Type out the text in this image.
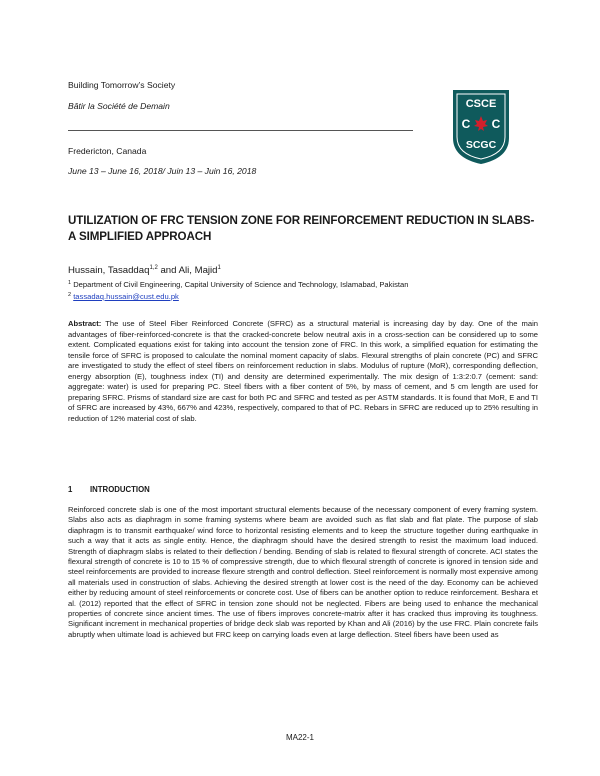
Building Tomorrow’s Society
Bâtir la Société de Demain
Fredericton, Canada
June 13 – June 16, 2018/ Juin 13 – Juin 16, 2018
CSCE
C C
SCGC
UTILIZATION OF FRC TENSION ZONE FOR REINFORCEMENT REDUCTION IN SLABS- A SIMPLIFIED APPROACH
Hussain, Tasaddaq$^{1,2}$ and Ali, Majid$^1$
$^1$ Department of Civil Engineering, Capital University of Science and Technology, Islamabad, Pakistan
$^2$ tassadaq.hussain@cust.edu.pk
Abstract: The use of Steel Fiber Reinforced Concrete (SFRC) as a structural material is increasing day by day. One of the main advantages of fiber-reinforced-concrete is that the cracked-concrete below neutral axis in a cross-section can be considered up to some extent. Complicated equations exist for taking into account the tension zone of FRC. In this work, a simplified equation for estimating the tensile force of SFRC is proposed to calculate the nominal moment capacity of slabs. Flexural strengths of plain concrete (PC) and SFRC are investigated to study the effect of steel fibers on reinforcement reduction in slabs. Modulus of rupture (MoR), corresponding deflection, energy absorption (E), toughness index (TI) and density are determined experimentally. The mix design of 1:3:2:0.7 (cement: sand: aggregate: water) is used for preparing PC. Steel fibers with a fiber content of 5%, by mass of cement, and 5 cm length are used for preparing SFRC. Prisms of standard size are cast for both PC and SFRC and tested as per ASTM standards. It is found that MoR, E and TI of SFRC are increased by 43%, 667% and 423%, respectively, compared to that of PC. Rebars in SFRC are reduced up to 25% resulting in reduction of 12% material cost of slab.
1 INTRODUCTION
Reinforced concrete slab is one of the most important structural elements because of the necessary component of every framing system. Slabs also acts as diaphragm in some framing systems where beam are avoided such as flat slab and flat plate. The purpose of slab diaphragm is to transmit earthquake/ wind force to horizontal resisting elements and to keep the structure together during earthquake in such a way that it acts as single entity. Hence, the diaphragm should have the desired strength to resist the maximum load induced. Strength of diaphragm slabs is related to their deflection / bending. Bending of slab is related to flexural strength of concrete. ACI states the flexural strength of concrete is 10 to 15 % of compressive strength, due to which flexural strength of concrete is ignored in tension side and steel reinforcements are provided to increase flexure strength and control deflection. Steel reinforcement is normally most expensive among all materials used in construction of slabs. Achieving the desired strength at lower cost is the need of the day. Economy can be achieved either by reducing amount of steel reinforcements or concrete cost. Use of fibers can be another option to reduce reinforcement. Beshara et al. (2012) reported that the effect of SFRC in tension zone should not be neglected. Fibers are being used to enhance the mechanical properties of concrete since ancient times. The use of fibers improves concrete-matrix after it has cracked thus improving its toughness. Significant increment in mechanical properties of bridge deck slab was reported by Khan and Ali (2016) by the use FRC. Plain concrete fails abruptly when ultimate load is achieved but FRC keep on carrying loads even at large deflection. Steel fibers have been used as
MA22-1
